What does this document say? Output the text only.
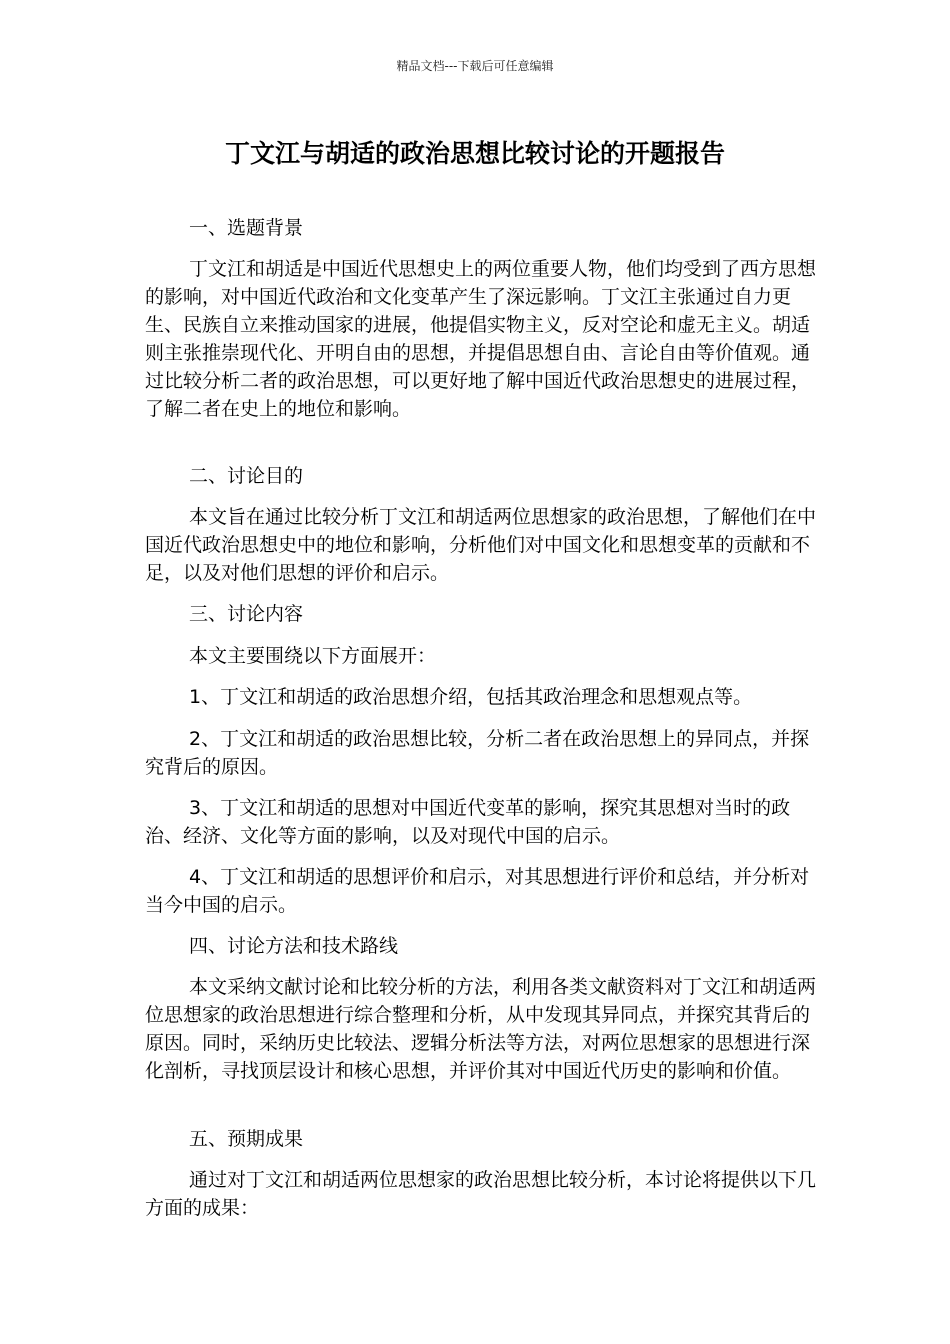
精品文档---下载后可任意编辑
丁文江与胡适的政治思想比较讨论的开题报告

一、选题背景

丁文江和胡适是中国近代思想史上的两位重要人物，他们均受到了西方思想的影响，对中国近代政治和文化变革产生了深远影响。丁文江主张通过自力更生、民族自立来推动国家的进展，他提倡实物主义，反对空论和虚无主义。胡适则主张推崇现代化、开明自由的思想，并提倡思想自由、言论自由等价值观。通过比较分析二者的政治思想，可以更好地了解中国近代政治思想史的进展过程，了解二者在史上的地位和影响。

二、讨论目的

本文旨在通过比较分析丁文江和胡适两位思想家的政治思想，了解他们在中国近代政治思想史中的地位和影响，分析他们对中国文化和思想变革的贡献和不足，以及对他们思想的评价和启示。

三、讨论内容

本文主要围绕以下方面展开：

1、丁文江和胡适的政治思想介绍，包括其政治理念和思想观点等。

2、丁文江和胡适的政治思想比较，分析二者在政治思想上的异同点，并探究背后的原因。

3、丁文江和胡适的思想对中国近代变革的影响，探究其思想对当时的政治、经济、文化等方面的影响，以及对现代中国的启示。

4、丁文江和胡适的思想评价和启示，对其思想进行评价和总结，并分析对当今中国的启示。

四、讨论方法和技术路线

本文采纳文献讨论和比较分析的方法，利用各类文献资料对丁文江和胡适两位思想家的政治思想进行综合整理和分析，从中发现其异同点，并探究其背后的原因。同时，采纳历史比较法、逻辑分析法等方法，对两位思想家的思想进行深化剖析，寻找顶层设计和核心思想，并评价其对中国近代历史的影响和价值。

五、预期成果

通过对丁文江和胡适两位思想家的政治思想比较分析，本讨论将提供以下几方面的成果：
